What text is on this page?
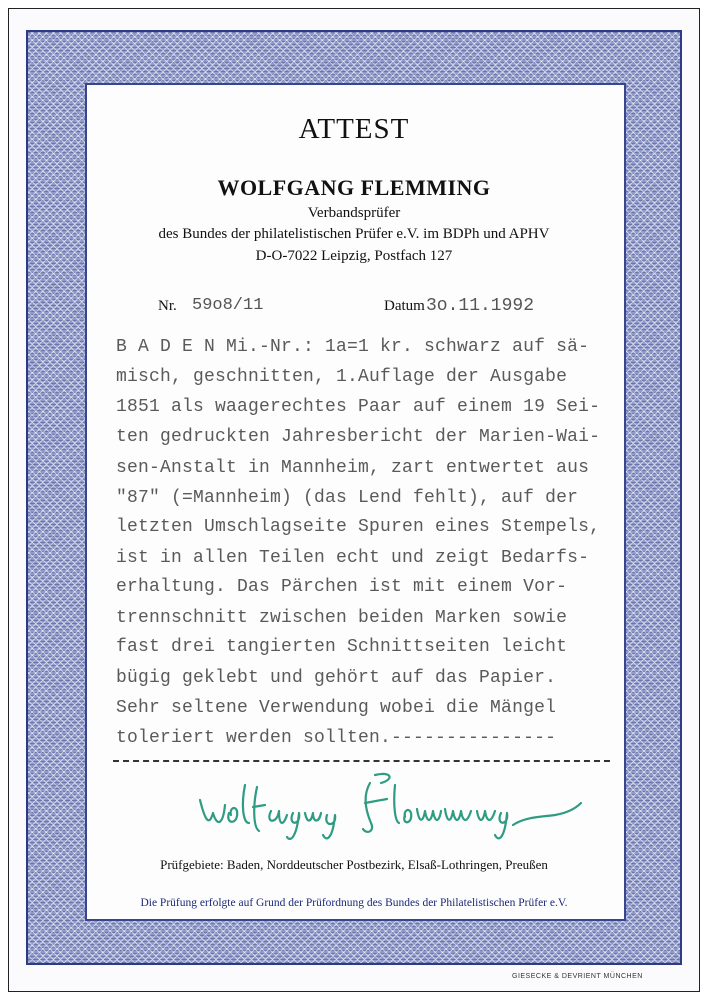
ATTEST
WOLFGANG FLEMMING
Verbandsprüfer
des Bundes der philatelistischen Prüfer e.V. im BDPh und APHV
D-O-7022 Leipzig, Postfach 127
Nr. 59o8/11	Datum 3o.11.1992
B A D E N Mi.-Nr.: 1a=1 kr. schwarz auf sä-
misch, geschnitten, 1.Auflage der Ausgabe
1851 als waagerechtes Paar auf einem 19 Sei-
ten gedruckten Jahresbericht der Marien-Wai-
sen-Anstalt in Mannheim, zart entwertet aus
"87" (=Mannheim) (das Lend fehlt), auf der
letzten Umschlagseite Spuren eines Stempels,
ist in allen Teilen echt und zeigt Bedarfs-
erhaltung. Das Pärchen ist mit einem Vor-
trennschnitt zwischen beiden Marken sowie
fast drei tangierten Schnittseiten leicht
bügig geklebt und gehört auf das Papier.
Sehr seltene Verwendung wobei die Mängel
toleriert werden sollten.---------------
Prüfgebiete: Baden, Norddeutscher Postbezirk, Elsaß-Lothringen, Preußen
Die Prüfung erfolgte auf Grund der Prüfordnung des Bundes der Philatelistischen Prüfer e.V.
GIESECKE & DEVRIENT MÜNCHEN
